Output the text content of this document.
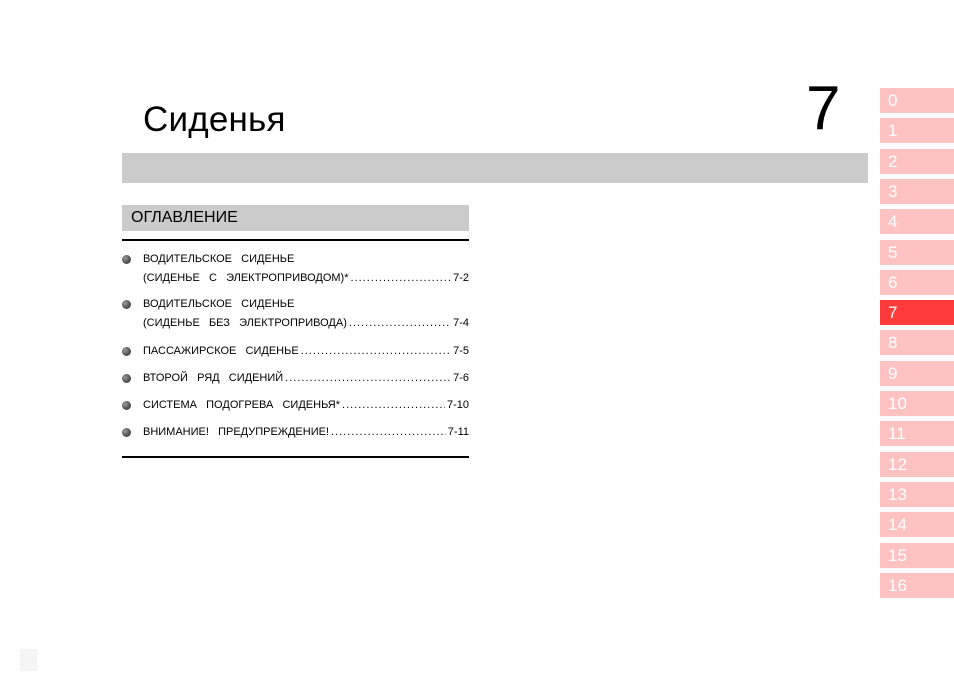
Сиденья	7
ОГЛАВЛЕНИЕ
ВОДИТЕЛЬСКОЕ   СИДЕНЬЕ
(СИДЕНЬЕ   С   ЭЛЕКТРОПРИВОДОМ)* .....	7-2
ВОДИТЕЛЬСКОЕ   СИДЕНЬЕ
(СИДЕНЬЕ   БЕЗ   ЭЛЕКТРОПРИВОДА) .....	7-4
ПАССАЖИРСКОЕ   СИДЕНЬЕ .....	7-5
ВТОРОЙ   РЯД   СИДЕНИЙ .....	7-6
СИСТЕМА   ПОДОГРЕВА   СИДЕНЬЯ* .....	7-10
ВНИМАНИЕ!   ПРЕДУПРЕЖДЕНИЕ! .....	7-11
0
1
2
3
4
5
6
7
8
9
10
11
12
13
14
15
16
